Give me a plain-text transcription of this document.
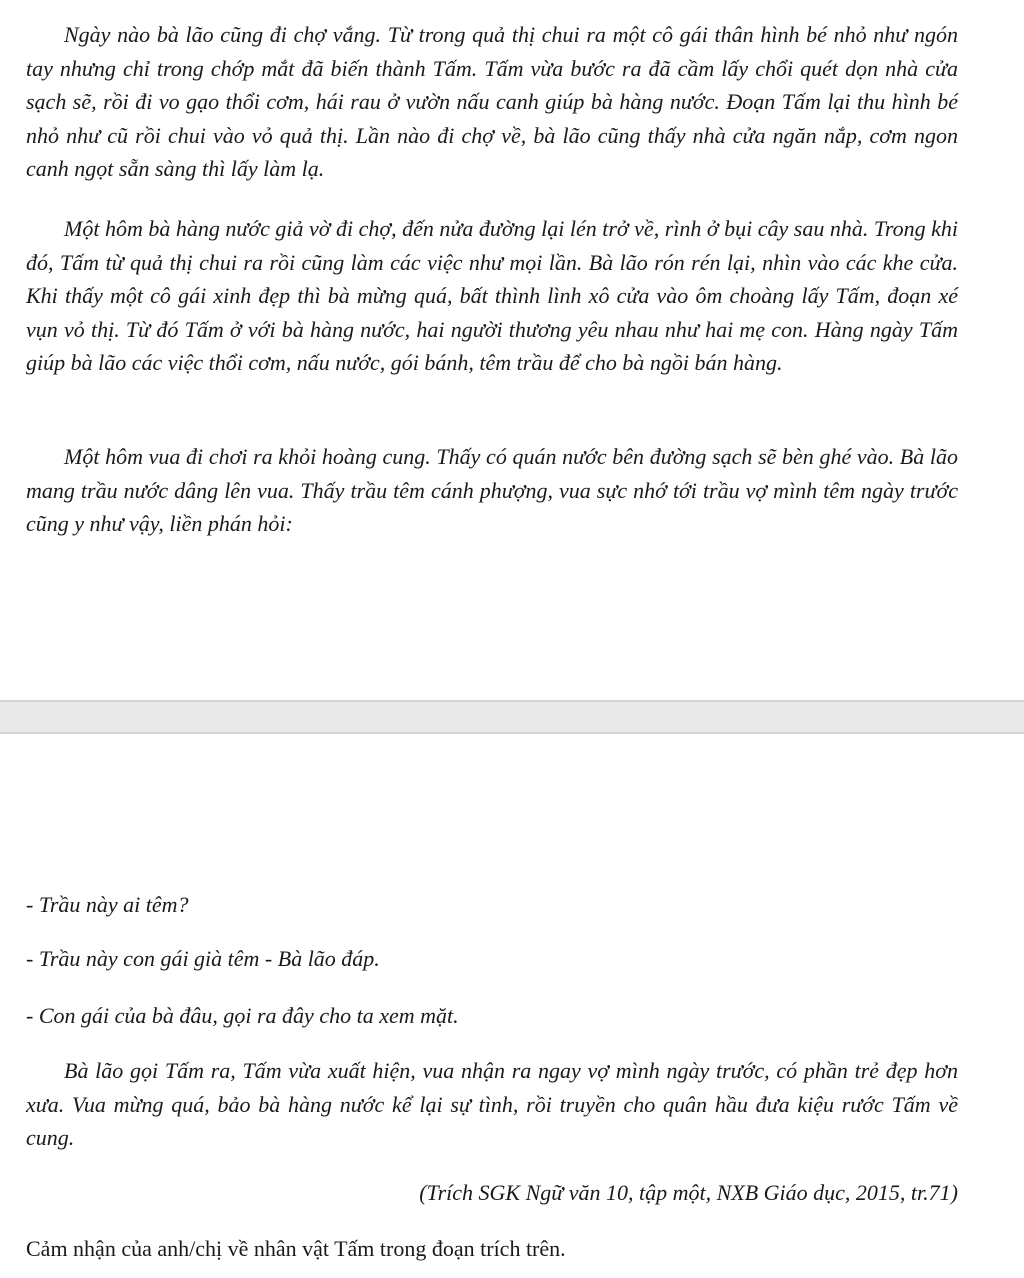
Ngày nào bà lão cũng đi chợ vắng. Từ trong quả thị chui ra một cô gái thân hình bé nhỏ như ngón tay nhưng chỉ trong chớp mắt đã biến thành Tấm. Tấm vừa bước ra đã cầm lấy chổi quét dọn nhà cửa sạch sẽ, rồi đi vo gạo thổi cơm, hái rau ở vườn nấu canh giúp bà hàng nước. Đoạn Tấm lại thu hình bé nhỏ như cũ rồi chui vào vỏ quả thị. Lần nào đi chợ về, bà lão cũng thấy nhà cửa ngăn nắp, cơm ngon canh ngọt sẵn sàng thì lấy làm lạ.

Một hôm bà hàng nước giả vờ đi chợ, đến nửa đường lại lén trở về, rình ở bụi cây sau nhà. Trong khi đó, Tấm từ quả thị chui ra rồi cũng làm các việc như mọi lần. Bà lão rón rén lại, nhìn vào các khe cửa. Khi thấy một cô gái xinh đẹp thì bà mừng quá, bất thình lình xô cửa vào ôm choàng lấy Tấm, đoạn xé vụn vỏ thị. Từ đó Tấm ở với bà hàng nước, hai người thương yêu nhau như hai mẹ con. Hàng ngày Tấm giúp bà lão các việc thổi cơm, nấu nước, gói bánh, têm trầu để cho bà ngồi bán hàng.

Một hôm vua đi chơi ra khỏi hoàng cung. Thấy có quán nước bên đường sạch sẽ bèn ghé vào. Bà lão mang trầu nước dâng lên vua. Thấy trầu têm cánh phượng, vua sực nhớ tới trầu vợ mình têm ngày trước cũng y như vậy, liền phán hỏi:

- Trầu này ai têm?

- Trầu này con gái già têm - Bà lão đáp.

- Con gái của bà đâu, gọi ra đây cho ta xem mặt.

Bà lão gọi Tấm ra, Tấm vừa xuất hiện, vua nhận ra ngay vợ mình ngày trước, có phần trẻ đẹp hơn xưa. Vua mừng quá, bảo bà hàng nước kể lại sự tình, rồi truyền cho quân hầu đưa kiệu rước Tấm về cung.

(Trích SGK Ngữ văn 10, tập một, NXB Giáo dục, 2015, tr.71)

Cảm nhận của anh/chị về nhân vật Tấm trong đoạn trích trên.
